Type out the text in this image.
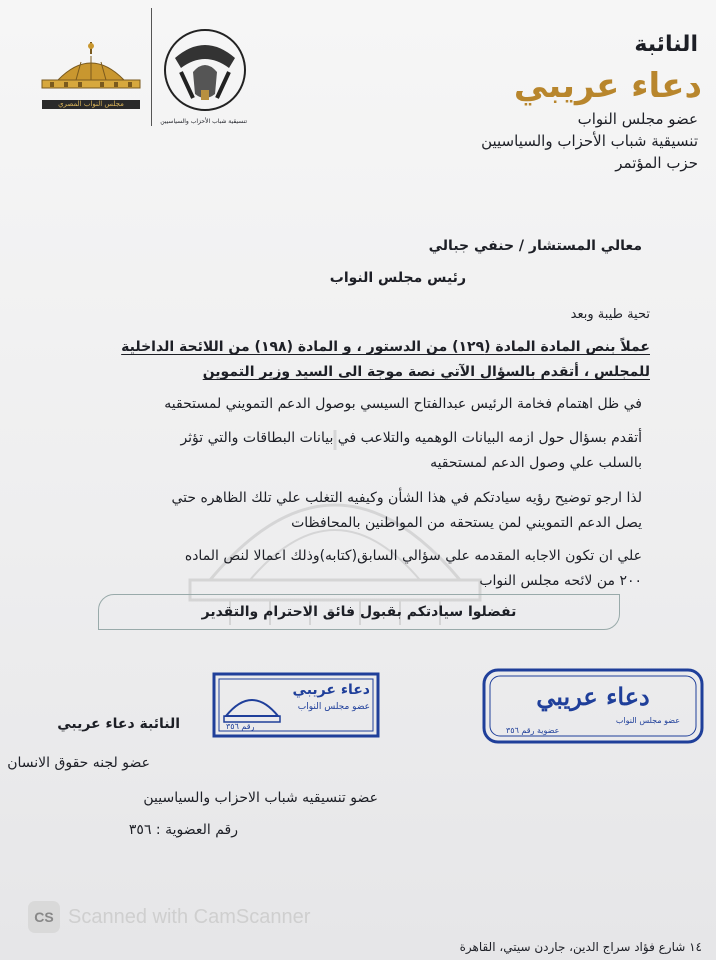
النائبة
دعاء عريبي
عضو مجلس النواب
تنسيقية شباب الأحزاب والسياسيين
حزب المؤتمر
مجلس النواب المصري
تنسيقية شباب الأحزاب والسياسيين
معالي المستشار / حنفي جبالي
رئيس مجلس النواب
تحية طيبة وبعد
عملاً بنص المادة المادة (١٢٩) من الدستور ، و المادة (١٩٨) من اللائحة الداخلية
للمجلس ، أتقدم بالسؤال الآتي نصة موجة الى السيد وزير التموين
في ظل اهتمام فخامة الرئيس عبدالفتاح السيسي بوصول الدعم التمويني لمستحقيه
أتقدم بسؤال حول ازمه البيانات الوهميه والتلاعب في بيانات البطاقات والتي تؤثر
بالسلب علي وصول الدعم لمستحقيه
لذا ارجو توضيح رؤيه سيادتكم في هذا الشأن وكيفيه التغلب علي تلك الظاهره حتي
يصل الدعم التمويني لمن يستحقه من المواطنين بالمحافظات
علي ان تكون الاجابه المقدمه علي سؤالي السابق(كتابه)وذلك اعمالا لنص الماده
٢٠٠ من لائحه مجلس النواب
تفضلوا سيادتكم بقبول فائق الاحترام والتقدير
دعاء عريبي
عضو مجلس النواب
رقم ٣٥٦
دعاء عريبي
عضو مجلس النواب
عضوية رقم ٣٥٦
النائبة دعاء عريبي
عضو لجنه حقوق الانسان
عضو تنسيقيه شباب الاحزاب والسياسيين
رقم العضوية : ٣٥٦
CS Scanned with CamScanner
١٤ شارع فؤاد سراج الدين، جاردن سيتي، القاهرة
